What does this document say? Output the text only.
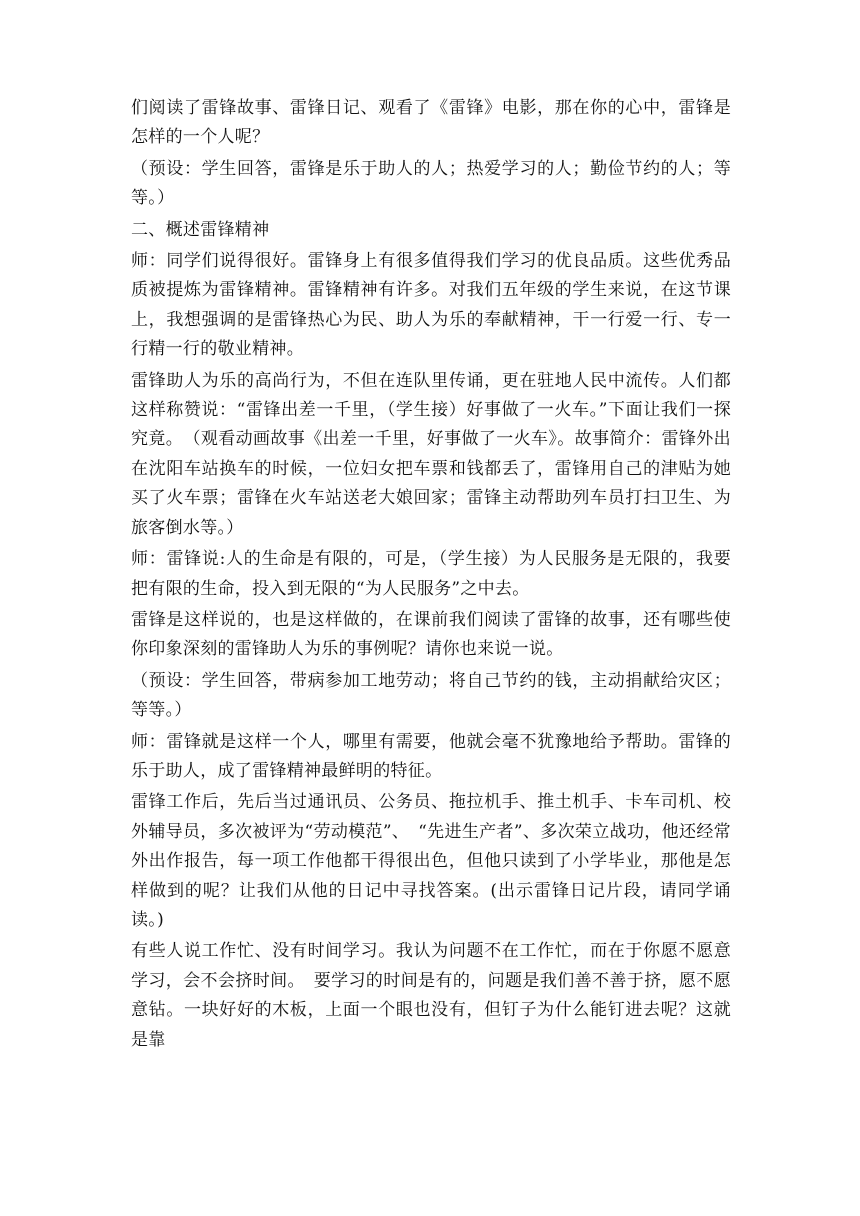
们阅读了雷锋故事、雷锋日记、观看了《雷锋》电影，那在你的心中，雷锋是怎样的一个人呢？

（预设：学生回答，雷锋是乐于助人的人；热爱学习的人；勤俭节约的人；等等。）

二、概述雷锋精神

师：同学们说得很好。雷锋身上有很多值得我们学习的优良品质。这些优秀品质被提炼为雷锋精神。雷锋精神有许多。对我们五年级的学生来说，在这节课上，我想强调的是雷锋热心为民、助人为乐的奉献精神，干一行爱一行、专一行精一行的敬业精神。

雷锋助人为乐的高尚行为，不但在连队里传诵，更在驻地人民中流传。人们都这样称赞说：“雷锋出差一千里，（学生接）好事做了一火车。”下面让我们一探究竟。　（观看动画故事《出差一千里，好事做了一火车》。故事简介：雷锋外出在沈阳车站换车的时候，一位妇女把车票和钱都丢了，雷锋用自己的津贴为她买了火车票；雷锋在火车站送老大娘回家；雷锋主动帮助列车员打扫卫生、为旅客倒水等。）

师：雷锋说:人的生命是有限的，可是，（学生接）为人民服务是无限的，我要把有限的生命，投入到无限的“为人民服务”之中去。

雷锋是这样说的，也是这样做的，在课前我们阅读了雷锋的故事，还有哪些使你印象深刻的雷锋助人为乐的事例呢？请你也来说一说。

（预设：学生回答，带病参加工地劳动；将自己节约的钱，主动捐献给灾区；等等。）

师：雷锋就是这样一个人，哪里有需要，他就会毫不犹豫地给予帮助。雷锋的乐于助人，成了雷锋精神最鲜明的特征。

雷锋工作后，先后当过通讯员、公务员、拖拉机手、推土机手、卡车司机、校外辅导员，多次被评为“劳动模范”、　“先进生产者”、多次荣立战功，他还经常外出作报告，每一项工作他都干得很出色，但他只读到了小学毕业，那他是怎样做到的呢？让我们从他的日记中寻找答案。(出示雷锋日记片段，请同学诵读。)

有些人说工作忙、没有时间学习。我认为问题不在工作忙，而在于你愿不愿意学习，会不会挤时间。　要学习的时间是有的，问题是我们善不善于挤，愿不愿意钻。一块好好的木板，上面一个眼也没有，但钉子为什么能钉进去呢？这就是靠
